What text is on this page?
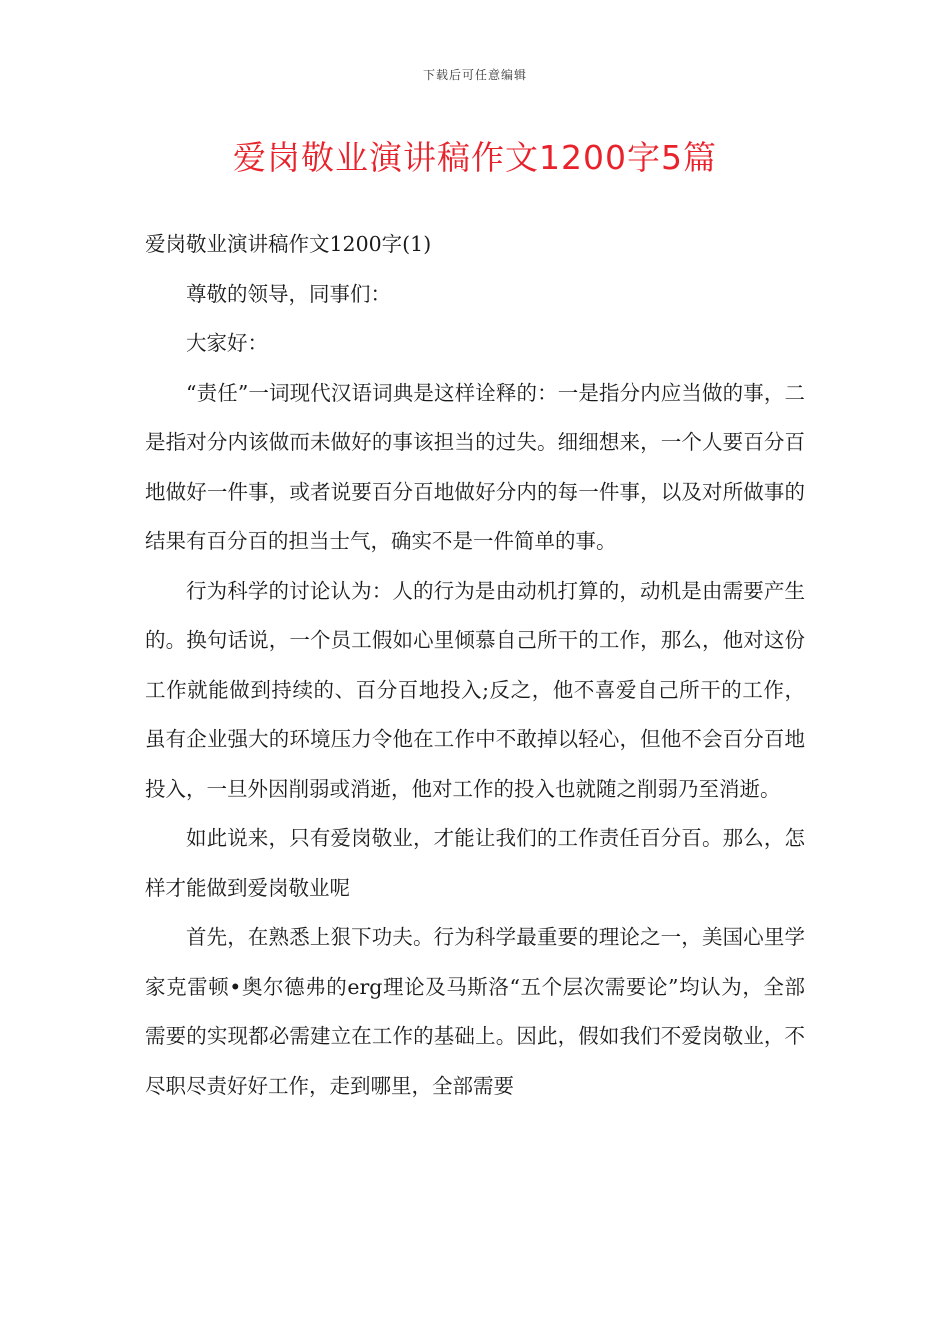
下载后可任意编辑
爱岗敬业演讲稿作文1200字5篇

爱岗敬业演讲稿作文1200字(1)

尊敬的领导，同事们：

大家好：

“责任”一词现代汉语词典是这样诠释的：一是指分内应当做的事，二是指对分内该做而未做好的事该担当的过失。细细想来，一个人要百分百地做好一件事，或者说要百分百地做好分内的每一件事，以及对所做事的结果有百分百的担当士气，确实不是一件简单的事。

行为科学的讨论认为：人的行为是由动机打算的，动机是由需要产生的。换句话说，一个员工假如心里倾慕自己所干的工作，那么，他对这份工作就能做到持续的、百分百地投入;反之，他不喜爱自己所干的工作，虽有企业强大的环境压力令他在工作中不敢掉以轻心，但他不会百分百地投入，一旦外因削弱或消逝，他对工作的投入也就随之削弱乃至消逝。

如此说来，只有爱岗敬业，才能让我们的工作责任百分百。那么，怎样才能做到爱岗敬业呢

首先，在熟悉上狠下功夫。行为科学最重要的理论之一，美国心里学家克雷顿•奥尔德弗的erg理论及马斯洛“五个层次需要论”均认为，全部需要的实现都必需建立在工作的基础上。因此，假如我们不爱岗敬业，不尽职尽责好好工作，走到哪里，全部需要
